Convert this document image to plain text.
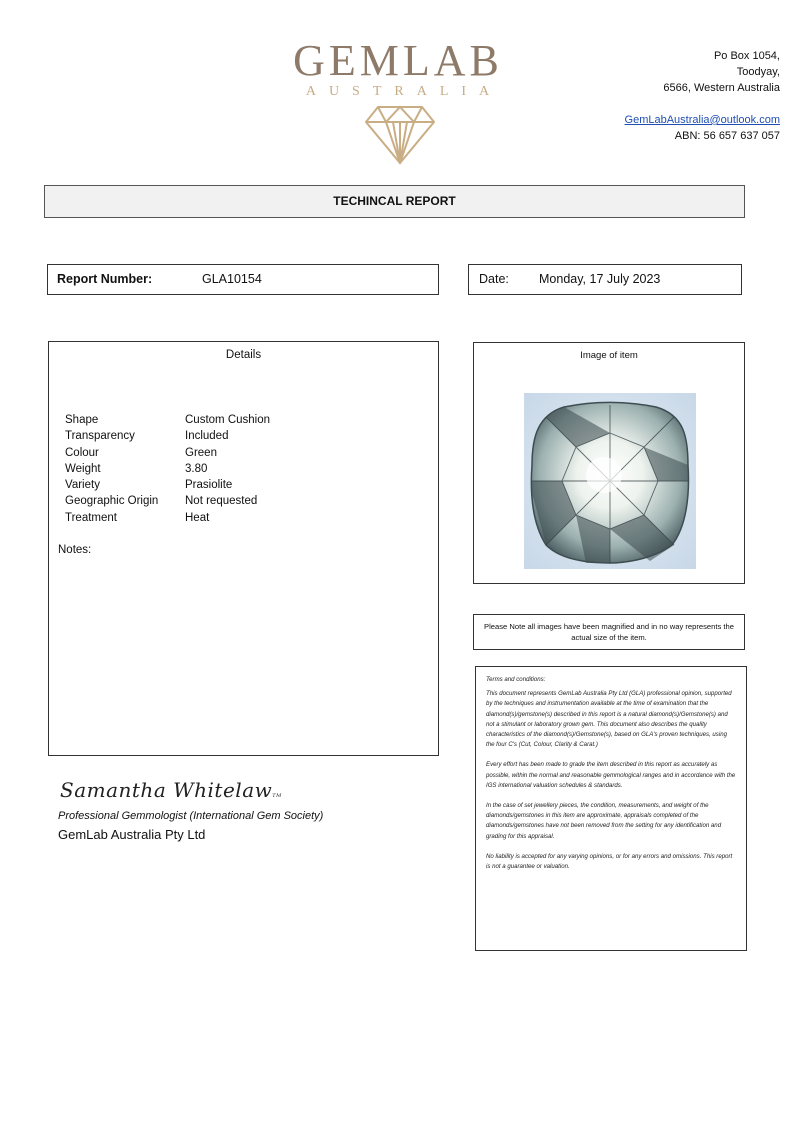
GEMLAB
AUSTRALIA
Po Box 1054,
Toodyay,
6566, Western Australia
GemLabAustralia@outlook.com
ABN: 56 657 637 057
TECHINCAL REPORT
Report Number:	GLA10154	Date: Monday, 17 July 2023
Details
Shape	Custom Cushion
Transparency	Included
Colour	Green
Weight	3.80
Variety	Prasiolite
Geographic Origin	Not requested
Treatment	Heat
Notes:
Image of item
Please Note all images have been magnified and in no way represents the actual size of the item.

Terms and conditions:

This document represents GemLab Australia Pty Ltd (GLA) professional opinion, supported by the techniques and instrumentation available at the time of examination that the diamond(s)/gemstone(s) described in this report is a natural diamond(s)/Gemstone(s) and not a stimulant or laboratory grown gem. This document also describes the quality characteristics of the diamond(s)/Gemstone(s), based on GLA's proven techniques, using the four C's (Cut, Colour, Clarity & Carat.)

Every effort has been made to grade the item described in this report as accurately as possible, within the normal and reasonable gemmological ranges and in accordance with the IGS international valuation schedules & standards.

In the case of set jewellery pieces, the condition, measurements, and weight of the diamonds/gemstones in this item are approximate, appraisals completed of the diamonds/gemstones have not been removed from the setting for any identification and grading for this appraisal.

No liability is accepted for any varying opinions, or for any errors and omissions. This report is not a guarantee or valuation.

Samantha WhitelawTM
Professional Gemmologist (International Gem Society)
GemLab Australia Pty Ltd
